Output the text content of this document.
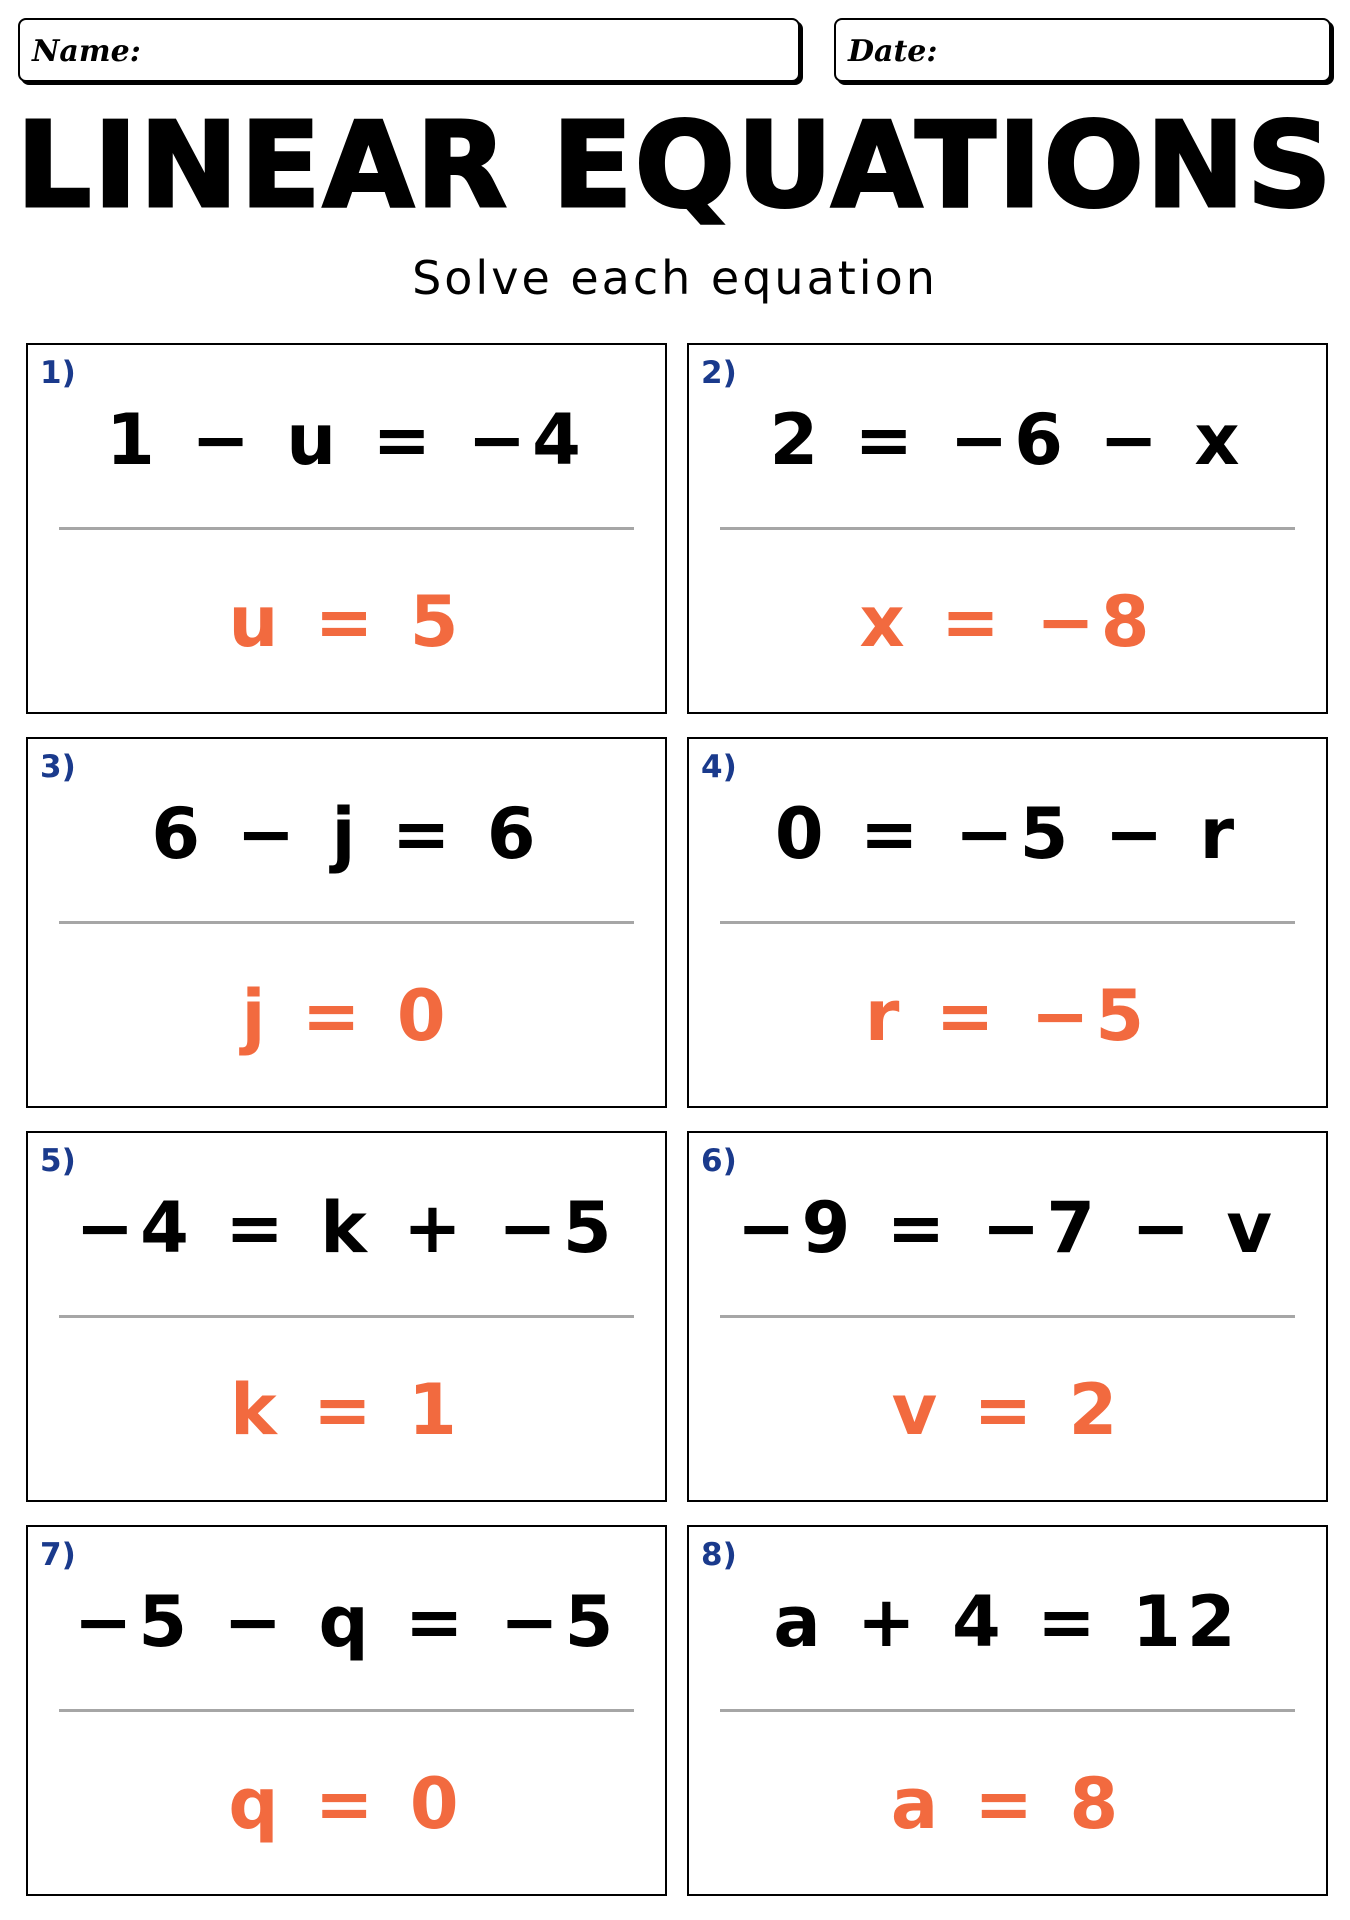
Name:	Date:
LINEAR EQUATIONS
Solve each equation
1)
1 − u = −4
u = 5
2)
2 = −6 − x
x = −8
3)
6 − j = 6
j = 0
4)
0 = −5 − r
r = −5
5)
−4 = k + −5
k = 1
6)
−9 = −7 − v
v = 2
7)
−5 − q = −5
q = 0
8)
a + 4 = 12
a = 8
